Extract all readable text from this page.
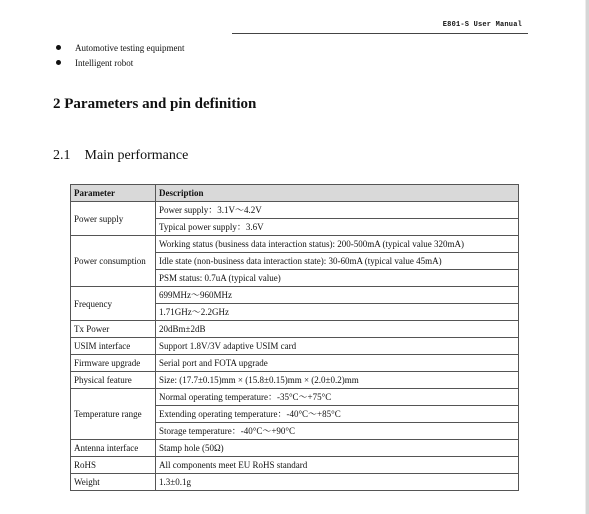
E801-S User Manual
Automotive testing equipment
Intelligent robot
2 Parameters and pin definition
2.1 Main performance
Parameter	Description
Power supply	Power supply：3.1V～4.2V
Typical power supply：3.6V

Power consumption	Working status (business data interaction status): 200-500mA (typical value 320mA)
Idle state (non-business data interaction state): 30-60mA (typical value 45mA)
PSM status: 0.7uA (typical value)

Frequency	699MHz～960MHz
1.71GHz～2.2GHz

Tx Power	20dBm±2dB

USIM interface	Support 1.8V/3V adaptive USIM card

Firmware upgrade	Serial port and FOTA upgrade

Physical feature	Size: (17.7±0.15)mm × (15.8±0.15)mm × (2.0±0.2)mm

Temperature range	Normal operating temperature：-35°C～+75°C
Extending operating temperature：-40°C～+85°C
Storage temperature：-40°C～+90°C

Antenna interface	Stamp hole (50Ω)

RoHS	All components meet EU RoHS standard

Weight	1.3±0.1g
